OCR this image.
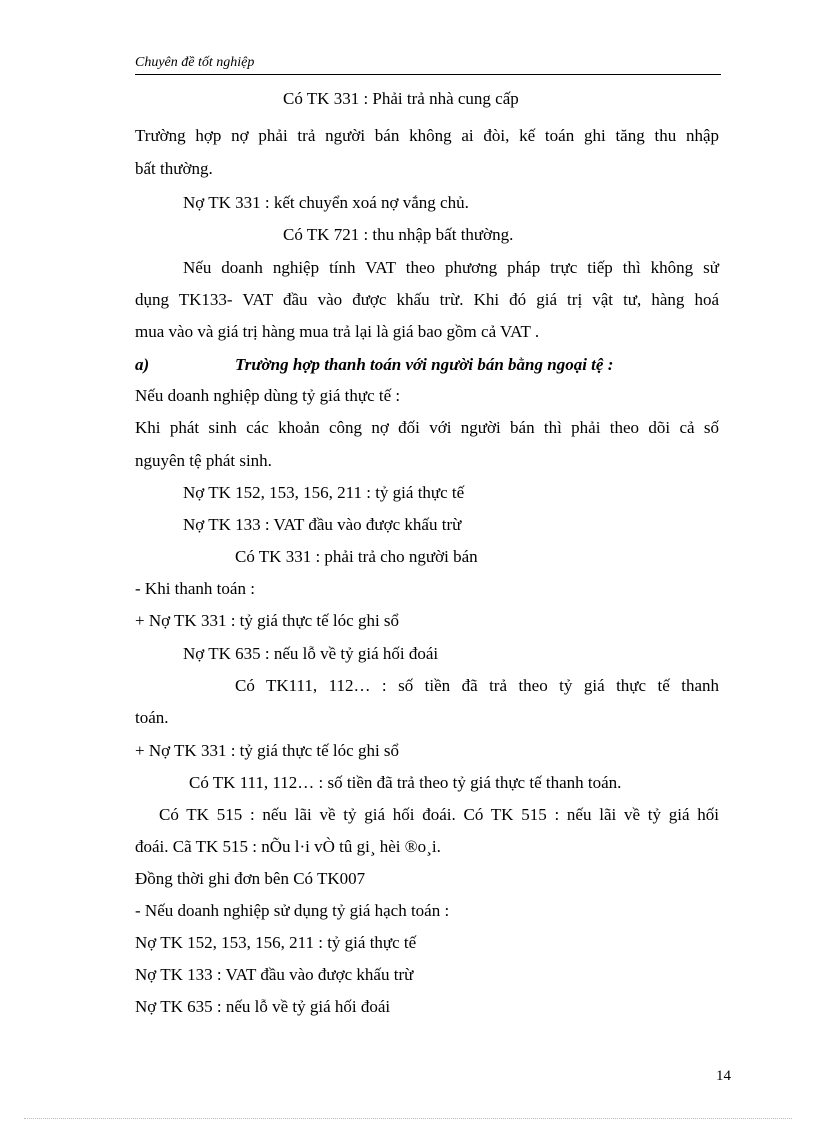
Chuyên đề tốt nghiệp
Có TK 331 : Phải trả nhà cung cấp
Trường hợp nợ phải trả người bán không ai đòi, kế toán ghi tăng thu nhập
bất thường.
Nợ TK 331 : kết chuyển xoá nợ vắng chủ.
Có TK 721 : thu nhập bất thường.
Nếu doanh nghiệp tính VAT theo phương pháp trực tiếp thì không sử
dụng TK133- VAT đầu vào được khấu trừ. Khi đó giá trị vật tư, hàng hoá
mua vào và giá trị hàng mua trả lại là giá bao gồm cả VAT .
a)	Trường hợp thanh toán với người bán bằng ngoại tệ :
Nếu doanh nghiệp dùng tỷ giá thực tế :
Khi phát sinh các khoản công nợ đối với người bán thì phải theo dõi cả số
nguyên tệ phát sinh.
Nợ TK 152, 153, 156, 211 : tỷ giá thực tế
Nợ TK 133 : VAT đầu vào được khấu trừ
Có TK 331 : phải trả cho người bán
- Khi thanh toán :
+ Nợ TK 331 : tỷ giá thực tế lóc ghi sổ
Nợ TK 635 : nếu lỗ về tỷ giá hối đoái
Có TK111, 112… : số tiền đã trả theo tỷ giá thực tế thanh
toán.
+ Nợ TK 331 : tỷ giá thực tế lóc ghi sổ
Có TK 111, 112… : số tiền đã trả theo tỷ giá thực tế thanh toán.
Có TK 515 : nếu lãi về tỷ giá hối đoái. Có TK 515 : nếu lãi về tỷ giá hối
đoái. Cã TK 515 : nÕu l·i vÒ tû gi¸ hèi ®o¸i.
Đồng thời ghi đơn bên Có TK007
- Nếu doanh nghiệp sử dụng tỷ giá hạch toán :
Nợ TK 152, 153, 156, 211 : tỷ giá thực tế
Nợ TK 133 : VAT đầu vào được khấu trừ
Nợ TK 635 : nếu lỗ về tỷ giá hối đoái
14
